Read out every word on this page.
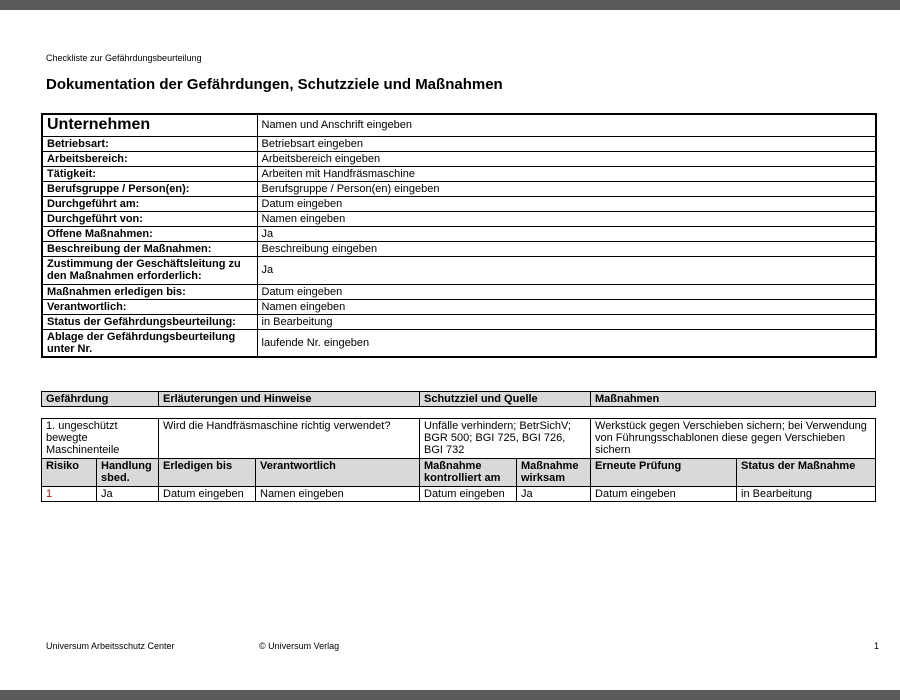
Checkliste zur Gefährdungsbeurteilung
Dokumentation der Gefährdungen, Schutzziele und Maßnahmen
Unternehmen	Namen und Anschrift eingeben
Betriebsart:	Betriebsart eingeben
Arbeitsbereich:	Arbeitsbereich eingeben
Tätigkeit:	Arbeiten mit Handfräsmaschine
Berufsgruppe / Person(en):	Berufsgruppe / Person(en) eingeben
Durchgeführt am:	Datum eingeben
Durchgeführt von:	Namen eingeben
Offene Maßnahmen:	Ja
Beschreibung der Maßnahmen:	Beschreibung eingeben
Zustimmung der Geschäftsleitung zu den Maßnahmen erforderlich:	Ja
Maßnahmen erledigen bis:	Datum eingeben
Verantwortlich:	Namen eingeben
Status der Gefährdungsbeurteilung:	in Bearbeitung
Ablage der Gefährdungsbeurteilung unter Nr.	laufende Nr. eingeben
Gefährdung	Erläuterungen und Hinweise	Schutzziel und Quelle	Maßnahmen
1. ungeschützt bewegte Maschinenteile		Wird die Handfräsmaschine richtig verwendet?		Unfälle verhindern; BetrSichV; BGR 500; BGI 725, BGI 726, BGI 732		Werkstück gegen Verschieben sichern; bei Verwendung von Führungsschablonen diese gegen Verschieben sichern	
Risiko	Handlung sbed.	Erledigen bis	Verantwortlich	Maßnahme kontrolliert am	Maßnahme wirksam	Erneute Prüfung	Status der Maßnahme
1	Ja	Datum eingeben	Namen eingeben	Datum eingeben	Ja	Datum eingeben	in Bearbeitung
Universum Arbeitsschutz Center	© Universum Verlag	1
